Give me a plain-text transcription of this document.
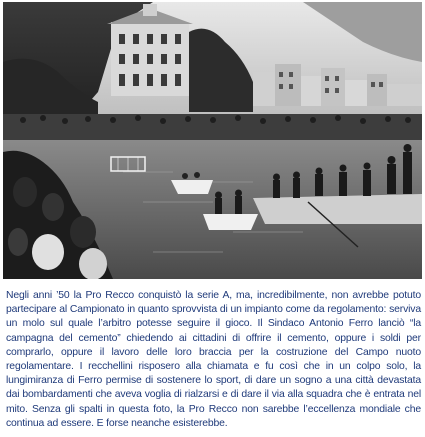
Negli anni ’50 la Pro Recco conquistò la serie A, ma, incredibilmente, non avrebbe potuto partecipare al Campionato in quanto sprovvista di un impianto come da regolamento: serviva un molo sul quale l’arbitro potesse seguire il gioco. Il Sindaco Antonio Ferro lanciò “la campagna del cemento” chiedendo ai cittadini di offrire il cemento, oppure i soldi per comprarlo, oppure il lavoro delle loro braccia per la costruzione del Campo nuoto regolamentare. I recchellini risposero alla chiamata e fu così che in un colpo solo, la lungimiranza di Ferro permise di sostenere lo sport, di dare un sogno a una città devastata dai bombardamenti che aveva voglia di rialzarsi e di dare il via alla squadra che è entrata nel mito. Senza gli spalti in questa foto, la Pro Recco non sarebbe l’eccellenza mondiale che continua ad essere. E forse neanche esisterebbe.
